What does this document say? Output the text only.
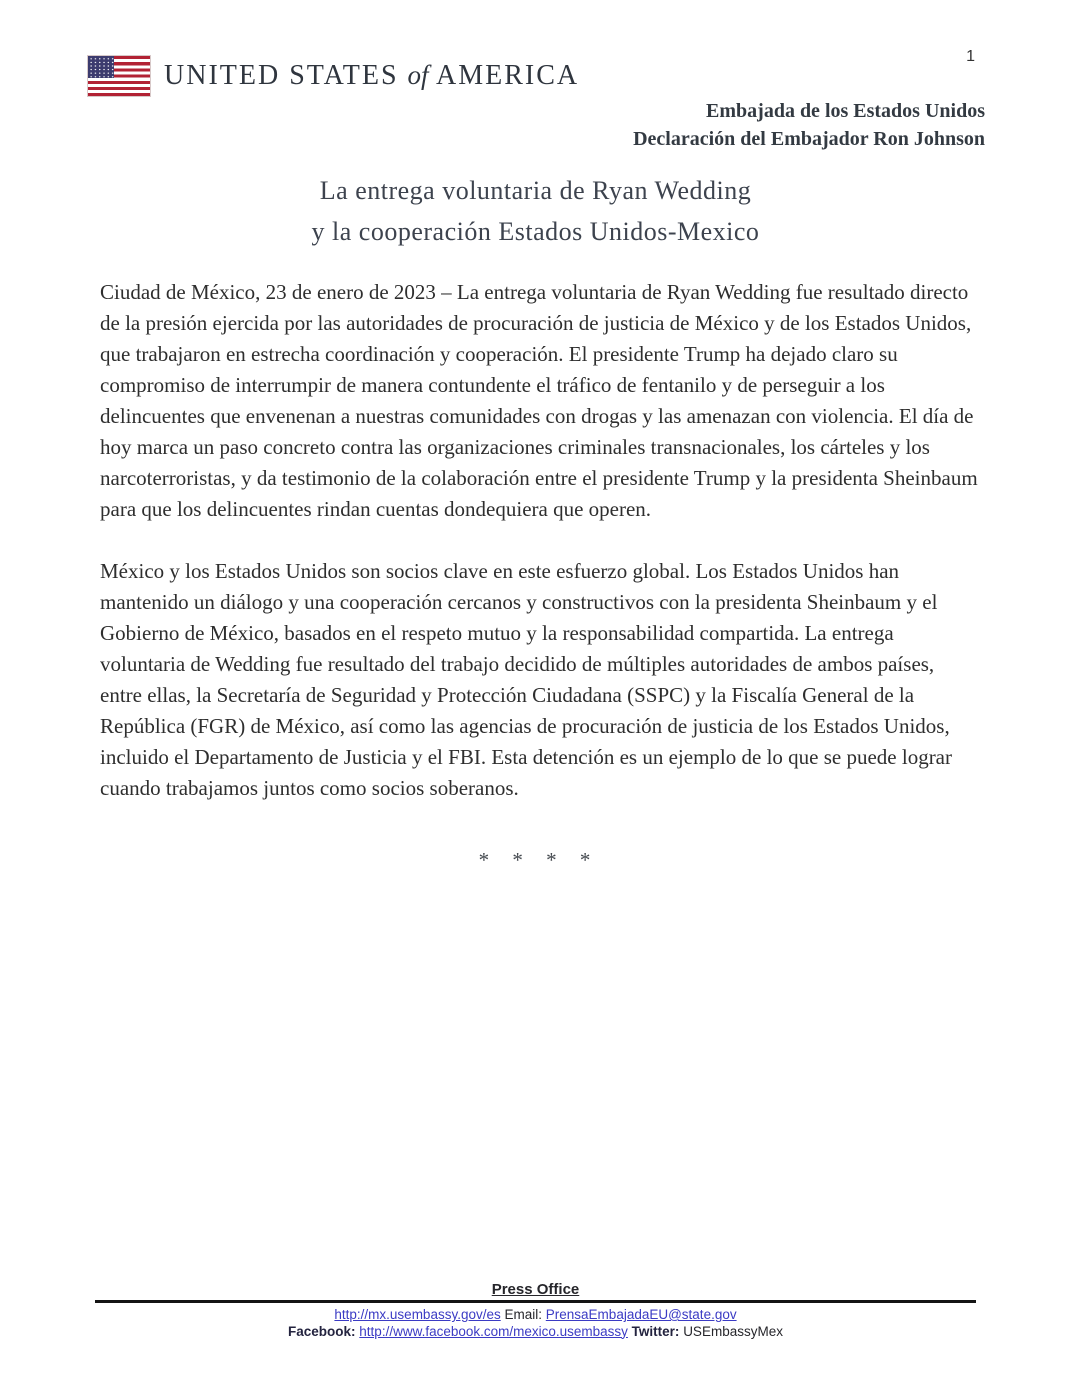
1
UNITED STATES of AMERICA
Embajada de los Estados Unidos
Declaración del Embajador Ron Johnson
La entrega voluntaria de Ryan Wedding
y la cooperación Estados Unidos-Mexico

Ciudad de México, 23 de enero de 2023 – La entrega voluntaria de Ryan Wedding fue resultado directo de la presión ejercida por las autoridades de procuración de justicia de México y de los Estados Unidos, que trabajaron en estrecha coordinación y cooperación. El presidente Trump ha dejado claro su compromiso de interrumpir de manera contundente el tráfico de fentanilo y de perseguir a los delincuentes que envenenan a nuestras comunidades con drogas y las amenazan con violencia. El día de hoy marca un paso concreto contra las organizaciones criminales transnacionales, los cárteles y los narcoterroristas, y da testimonio de la colaboración entre el presidente Trump y la presidenta Sheinbaum para que los delincuentes rindan cuentas dondequiera que operen.

México y los Estados Unidos son socios clave en este esfuerzo global. Los Estados Unidos han mantenido un diálogo y una cooperación cercanos y constructivos con la presidenta Sheinbaum y el Gobierno de México, basados en el respeto mutuo y la responsabilidad compartida. La entrega voluntaria de Wedding fue resultado del trabajo decidido de múltiples autoridades de ambos países, entre ellas, la Secretaría de Seguridad y Protección Ciudadana (SSPC) y la Fiscalía General de la República (FGR) de México, así como las agencias de procuración de justicia de los Estados Unidos, incluido el Departamento de Justicia y el FBI. Esta detención es un ejemplo de lo que se puede lograr cuando trabajamos juntos como socios soberanos.

* * * *
Press Office
http://mx.usembassy.gov/es Email: PrensaEmbajadaEU@state.gov
Facebook: http://www.facebook.com/mexico.usembassy Twitter: USEmbassyMex
